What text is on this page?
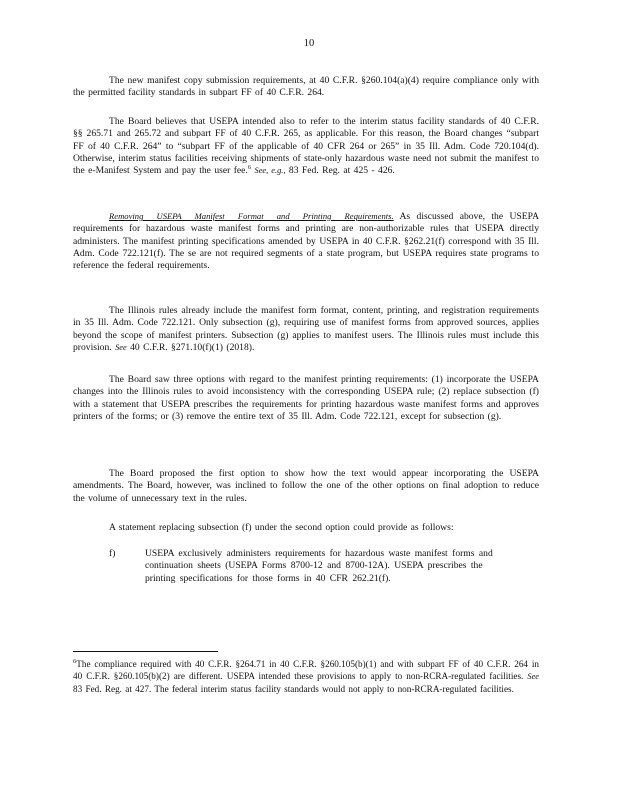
10

The new manifest copy submission requirements, at 40 C.F.R. §260.104(a)(4) require compliance only with the permitted facility standards in subpart FF of 40 C.F.R. 264.

The Board believes that USEPA intended also to refer to the interim status facility standards of 40 C.F.R. §§ 265.71 and 265.72 and subpart FF of 40 C.F.R. 265, as applicable. For this reason, the Board changes “subpart FF of 40 C.F.R. 264” to “subpart FF of the applicable of 40 CFR 264 or 265” in 35 Ill. Adm. Code 720.104(d). Otherwise, interim status facilities receiving shipments of state-only hazardous waste need not submit the manifest to the e-Manifest System and pay the user fee.$^6$ See, e.g., 83 Fed. Reg. at 425 - 426.

Removing USEPA Manifest Format and Printing Requirements. As discussed above, the USEPA requirements for hazardous waste manifest forms and printing are non-authorizable rules that USEPA directly administers. The manifest printing specifications amended by USEPA in 40 C.F.R. §262.21(f) correspond with 35 Ill. Adm. Code 722.121(f). The se are not required segments of a state program, but USEPA requires state programs to reference the federal requirements.

The Illinois rules already include the manifest form format, content, printing, and registration requirements in 35 Ill. Adm. Code 722.121. Only subsection (g), requiring use of manifest forms from approved sources, applies beyond the scope of manifest printers. Subsection (g) applies to manifest users. The Illinois rules must include this provision. See 40 C.F.R. §271.10(f)(1) (2018).

The Board saw three options with regard to the manifest printing requirements: (1) incorporate the USEPA changes into the Illinois rules to avoid inconsistency with the corresponding USEPA rule; (2) replace subsection (f) with a statement that USEPA prescribes the requirements for printing hazardous waste manifest forms and approves printers of the forms; or (3) remove the entire text of 35 Ill. Adm. Code 722.121, except for subsection (g).

The Board proposed the first option to show how the text would appear incorporating the USEPA amendments. The Board, however, was inclined to follow the one of the other options on final adoption to reduce the volume of unnecessary text in the rules.

A statement replacing subsection (f) under the second option could provide as follows:

f)	USEPA exclusively administers requirements for hazardous waste manifest forms and continuation sheets (USEPA Forms 8700-12 and 8700-12A). USEPA prescribes the printing specifications for those forms in 40 CFR 262.21(f).

$^6$The compliance required with 40 C.F.R. §264.71 in 40 C.F.R. §260.105(b)(1) and with subpart FF of 40 C.F.R. 264 in 40 C.F.R. §260.105(b)(2) are different. USEPA intended these provisions to apply to non-RCRA-regulated facilities. See 83 Fed. Reg. at 427. The federal interim status facility standards would not apply to non-RCRA-regulated facilities.
